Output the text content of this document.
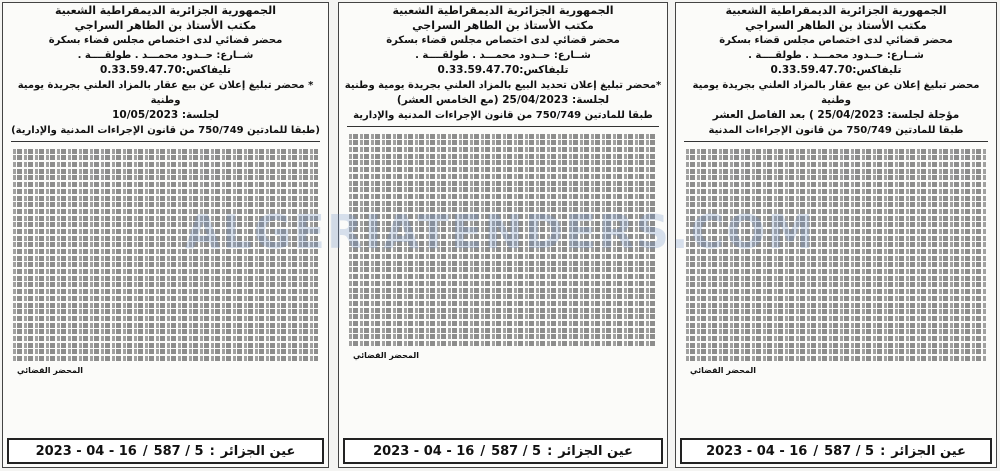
الجمهورية الجزائرية الديمقراطية الشعبية
مكتب الأستاذ بن الطاهر السراجي
محضر قضائي لدى اختصاص مجلس قضاء بسكرة
شــارع: حــدود محمـــد . طولقــــة .
تليفاكس:0.33.59.47.70
* محضر تبليغ إعلان عن بيع عقار بالمزاد العلني بجريدة يومية وطنية
لجلسة: 10/05/2023
(طبقا للمادتين 750/749 من قانون الإجراءات المدنية والإدارية)
المحضر القضائي
2023 - 04 - 16 / 587 / 5 : عين الجزائر
الجمهورية الجزائرية الديمقراطية الشعبية
مكتب الأستاذ بن الطاهر السراجي
محضر قضائي لدى اختصاص مجلس قضاء بسكرة
شــارع: حــدود محمـــد . طولقــــة .
تليفاكس:0.33.59.47.70
*محضر تبليغ إعلان تحديد البيع بالمزاد العلني بجريدة يومية وطنية
لجلسة: 25/04/2023 (مع الخامس العشر)
طبقا للمادتين 750/749 من قانون الإجراءات المدنية والإدارية
المحضر القضائي
2023 - 04 - 16 / 587 / 5 : عين الجزائر
الجمهورية الجزائرية الديمقراطية الشعبية
مكتب الأستاذ بن الطاهر السراجي
محضر قضائي لدى اختصاص مجلس قضاء بسكرة
شــارع: حــدود محمـــد . طولقــــة .
تليفاكس:0.33.59.47.70
محضر تبليغ إعلان عن بيع عقار بالمزاد العلني بجريدة يومية وطنية
مؤجلة لجلسة: 25/04/2023 ) بعد الفاصل العشر
طبقا للمادتين 750/749 من قانون الإجراءات المدنية
المحضر القضائي
2023 - 04 - 16 / 587 / 5 : عين الجزائر
ALGERIATENDERS.COM
